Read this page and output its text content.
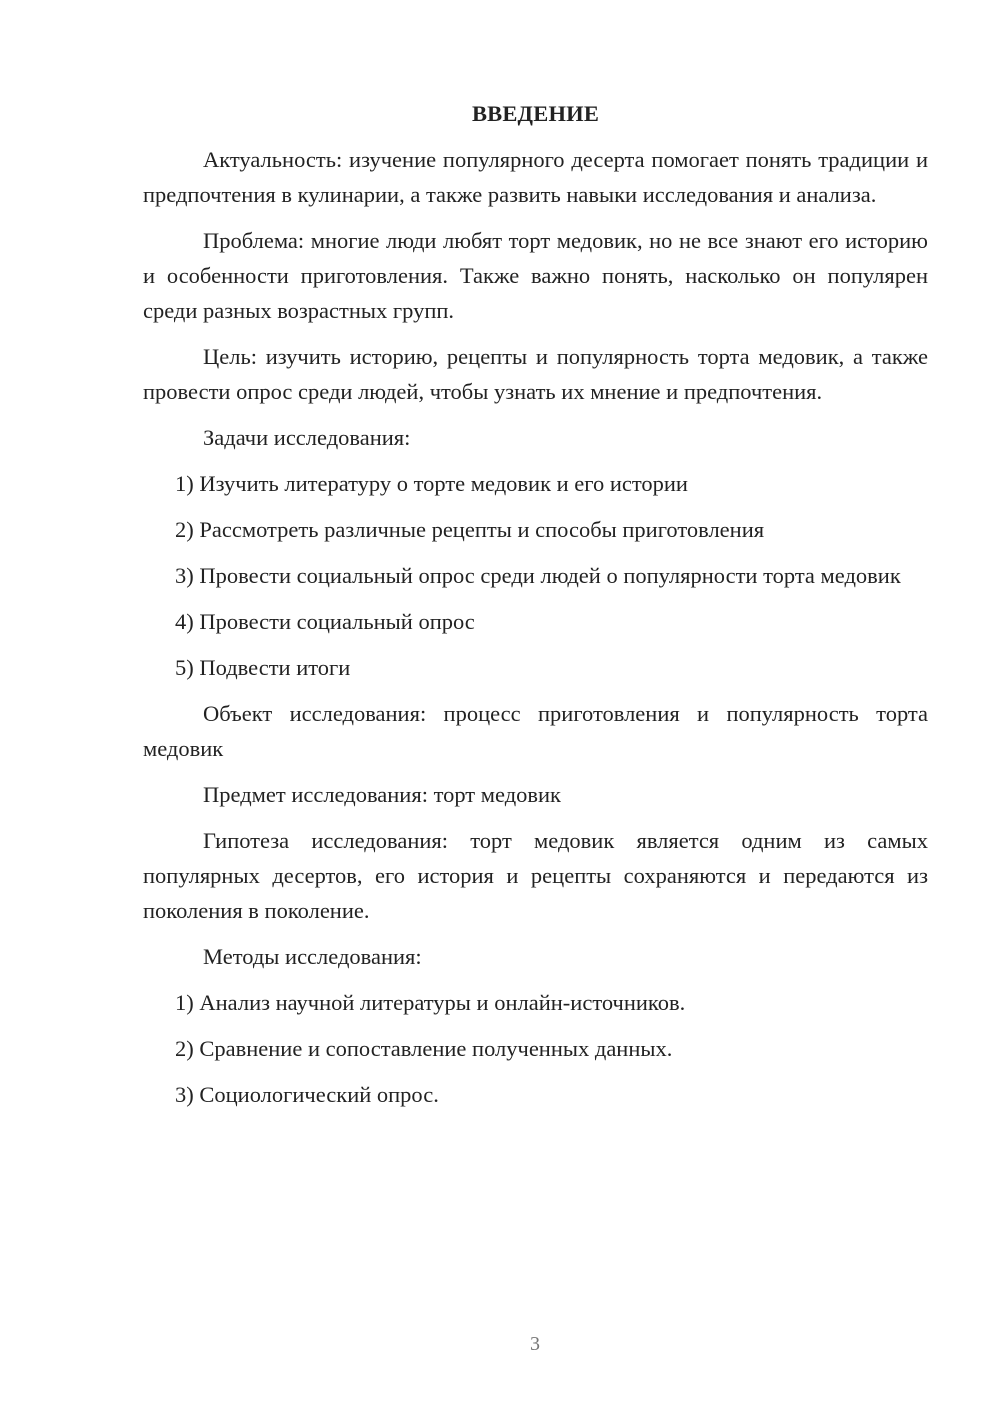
ВВЕДЕНИЕ

Актуальность: изучение популярного десерта помогает понять традиции и предпочтения в кулинарии, а также развить навыки исследования и анализа.

Проблема: многие люди любят торт медовик, но не все знают его историю и особенности приготовления. Также важно понять, насколько он популярен среди разных возрастных групп.

Цель: изучить историю, рецепты и популярность торта медовик, а также провести опрос среди людей, чтобы узнать их мнение и предпочтения.

Задачи исследования:

1) Изучить литературу о торте медовик и его истории

2) Рассмотреть различные рецепты и способы приготовления

3) Провести социальный опрос среди людей о популярности торта медовик

4) Провести социальный опрос

5) Подвести итоги

Объект исследования: процесс приготовления и популярность торта медовик

Предмет исследования: торт медовик

Гипотеза исследования: торт медовик является одним из самых популярных десертов, его история и рецепты сохраняются и передаются из поколения в поколение.

Методы исследования:

1) Анализ научной литературы и онлайн-источников.

2) Сравнение и сопоставление полученных данных.

3) Социологический опрос.

3
